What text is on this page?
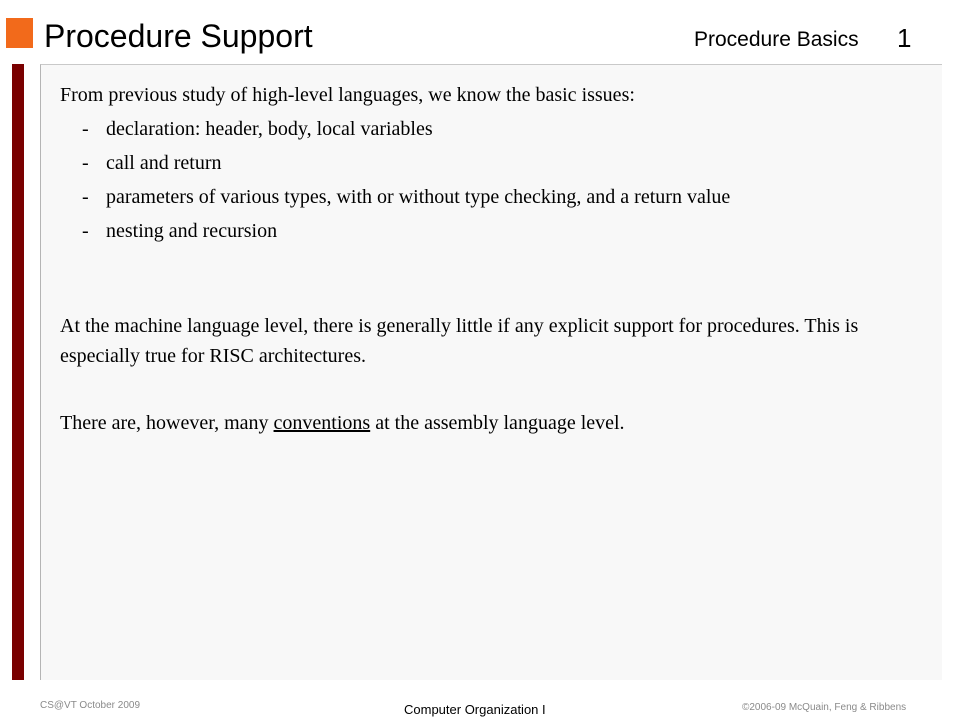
Procedure Support	Procedure Basics 1
From previous study of high-level languages, we know the basic issues:
- declaration: header, body, local variables
- call and return
- parameters of various types, with or without type checking, and a return value
- nesting and recursion
At the machine language level, there is generally little if any explicit support for procedures. This is especially true for RISC architectures.
There are, however, many conventions at the assembly language level.
CS@VT October 2009	Computer Organization I	©2006-09 McQuain, Feng & Ribbens
